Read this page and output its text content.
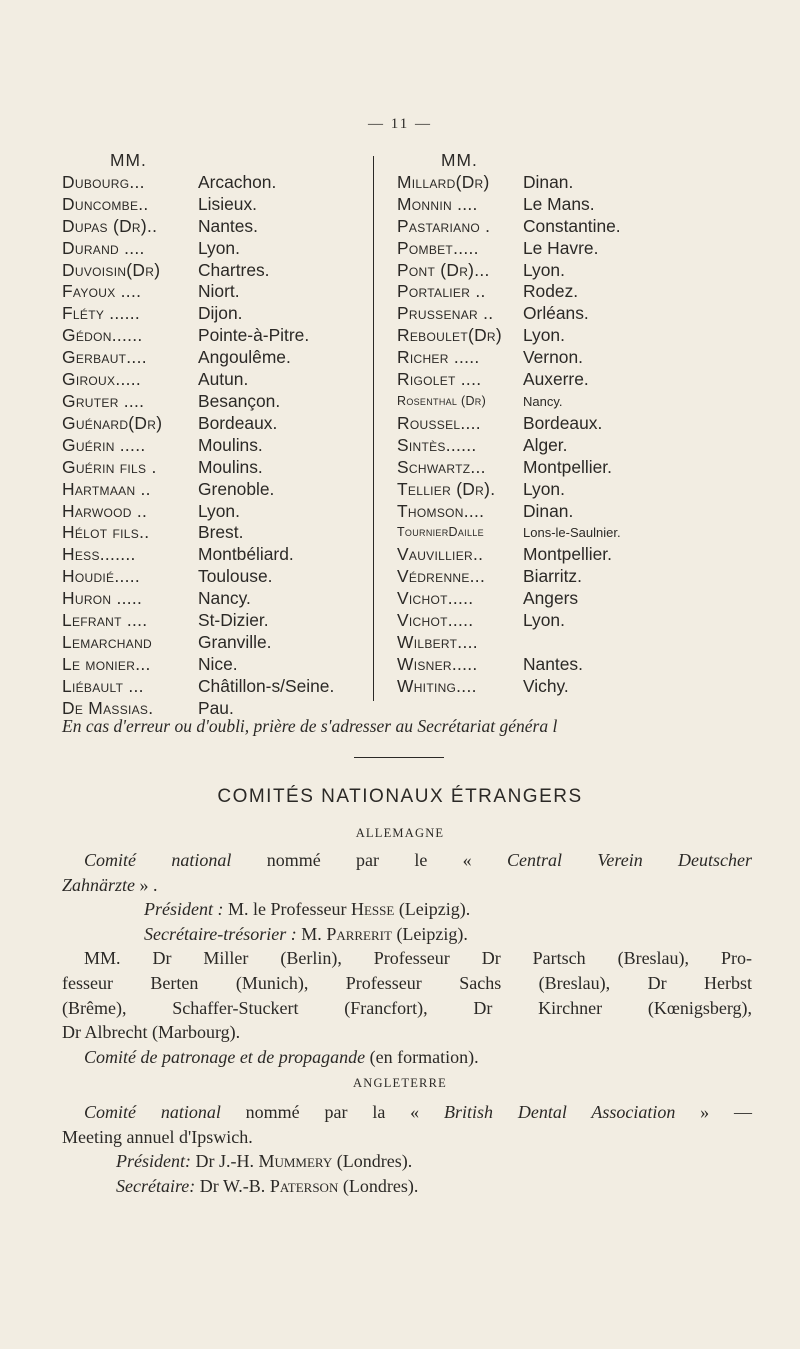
— 11 —
MM.
Dubourg...	Arcachon.
Duncombe..	Lisieux.
Dupas (Dr)..	Nantes.
Durand ....	Lyon.
Duvoisin(Dr)	Chartres.
Fayoux ....	Niort.
Fléty ......	Dijon.
Gédon......	Pointe-à-Pitre.
Gerbaut....	Angoulême.
Giroux.....	Autun.
Gruter ....	Besançon.
Guénard(Dr)	Bordeaux.
Guérin .....	Moulins.
Guérin fils .	Moulins.
Hartmaan ..	Grenoble.
Harwood ..	Lyon.
Hélot fils..	Brest.
Hess.......	Montbéliard.
Houdié.....	Toulouse.
Huron .....	Nancy.
Lefrant ....	St-Dizier.
Lemarchand	Granville.
Le monier...	Nice.
Liébault ...	Châtillon-s/Seine.
De Massias.	Pau.
MM.
Millard(Dr)	Dinan.
Monnin ....	Le Mans.
Pastariano .	Constantine.
Pombet.....	Le Havre.
Pont (Dr)...	Lyon.
Portalier ..	Rodez.
Prussenar ..	Orléans.
Reboulet(Dr)	Lyon.
Richer .....	Vernon.
Rigolet ....	Auxerre.
Rosenthal (Dr)	Nancy.
Roussel....	Bordeaux.
Sintès......	Alger.
Schwartz...	Montpellier.
Tellier (Dr).	Lyon.
Thomson....	Dinan.
TournierDaille	Lons-le-Saulnier.
Vauvillier..	Montpellier.
Védrenne...	Biarritz.
Vichot.....	Angers
Vichot.....	Lyon.
Wilbert....
Wisner.....	Nantes.
Whiting....	Vichy.
En cas d'erreur ou d'oubli, prière de s'adresser au Secrétariat généra l
COMITÉS NATIONAUX ÉTRANGERS
ALLEMAGNE

Comité national nommé par le « Central Verein Deutscher

Zahnärzte » .

Président : M. le Professeur Hesse (Leipzig).

Secrétaire-trésorier : M. Parrerit (Leipzig).

MM. Dr Miller (Berlin), Professeur Dr Partsch (Breslau), Pro-

fesseur Berten (Munich), Professeur Sachs (Breslau), Dr Herbst

(Brême), Schaffer-Stuckert (Francfort), Dr Kirchner (Kœnigsberg),

Dr Albrecht (Marbourg).

Comité de patronage et de propagande (en formation).

ANGLETERRE

Comité national nommé par la « British Dental Association » —

Meeting annuel d'Ipswich.

Président: Dr J.-H. Mummery (Londres).

Secrétaire: Dr W.-B. Paterson (Londres).
